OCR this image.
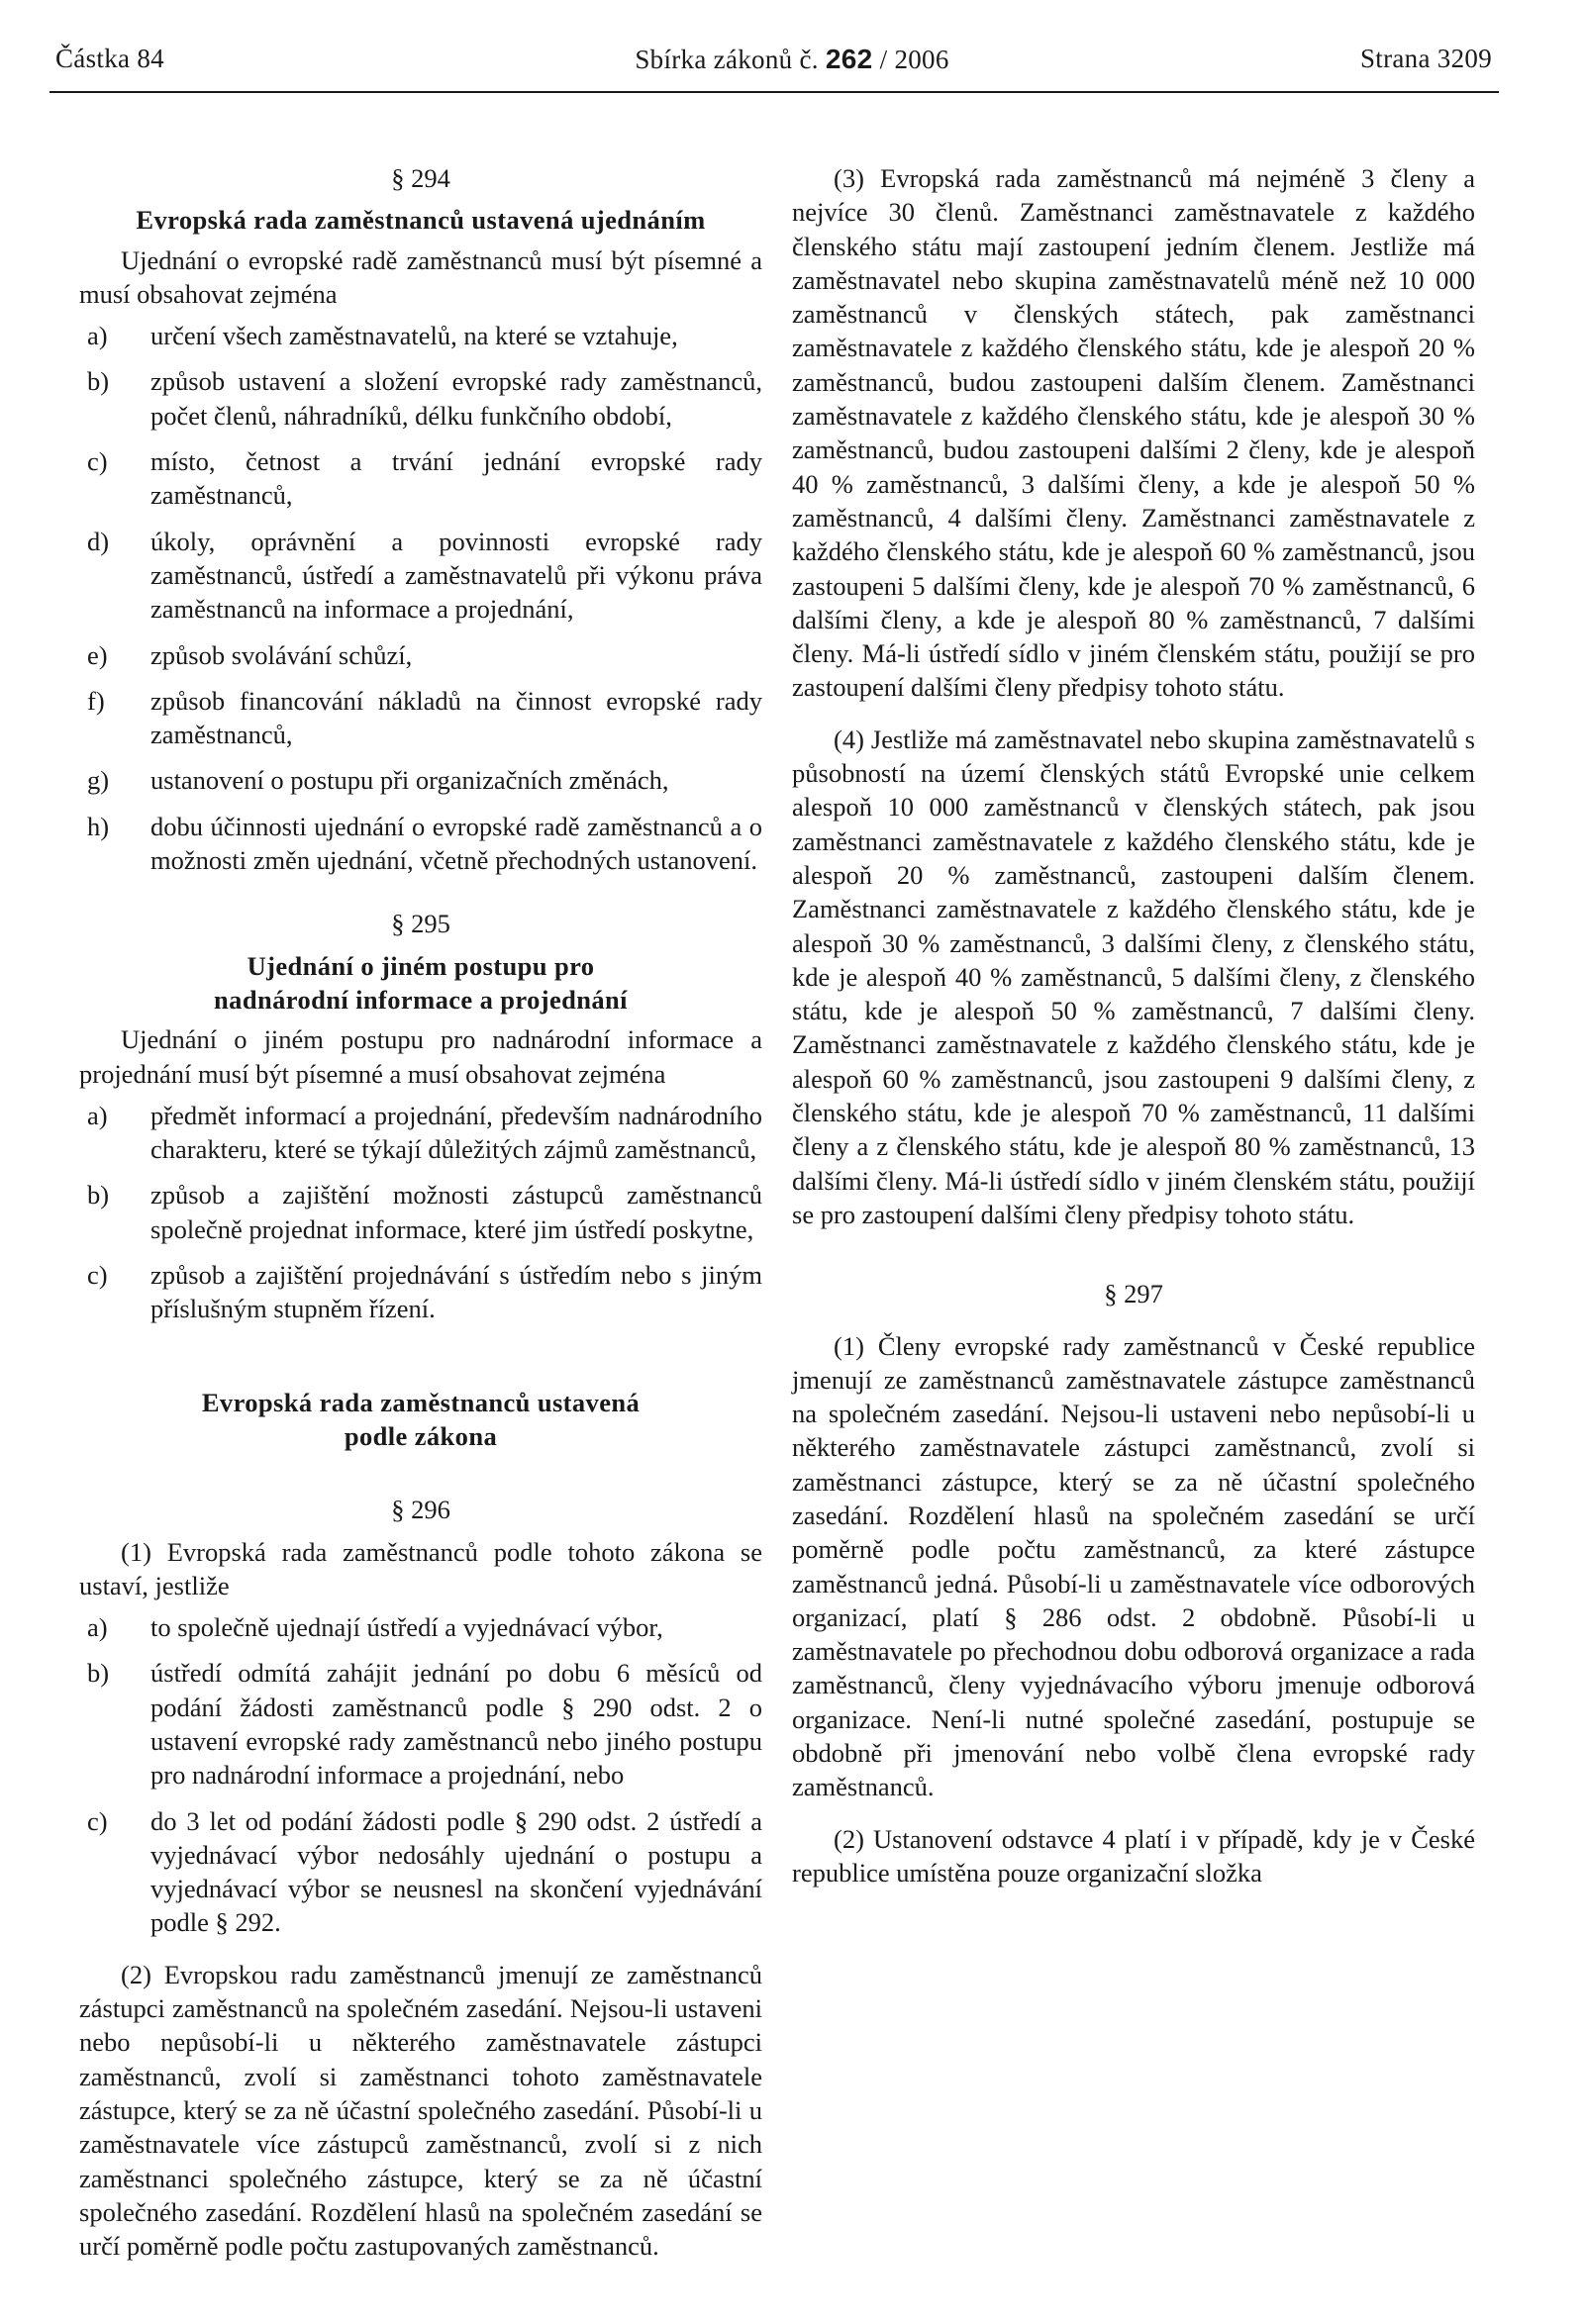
Částka 84	Sbírka zákonů č. 262 / 2006	Strana 3209
§ 294
Evropská rada zaměstnanců ustavená ujednáním

Ujednání o evropské radě zaměstnanců musí být písemné a musí obsahovat zejména

a) určení všech zaměstnavatelů, na které se vztahuje,
b) způsob ustavení a složení evropské rady zaměstnanců, počet členů, náhradníků, délku funkčního období,
c) místo, četnost a trvání jednání evropské rady zaměstnanců,
d) úkoly, oprávnění a povinnosti evropské rady zaměstnanců, ústředí a zaměstnavatelů při výkonu práva zaměstnanců na informace a projednání,
e) způsob svolávání schůzí,
f) způsob financování nákladů na činnost evropské rady zaměstnanců,
g) ustanovení o postupu při organizačních změnách,
h) dobu účinnosti ujednání o evropské radě zaměstnanců a o možnosti změn ujednání, včetně přechodných ustanovení.
§ 295
Ujednání o jiném postupu pro nadnárodní informace a projednání

Ujednání o jiném postupu pro nadnárodní informace a projednání musí být písemné a musí obsahovat zejména

a) předmět informací a projednání, především nadnárodního charakteru, které se týkají důležitých zájmů zaměstnanců,
b) způsob a zajištění možnosti zástupců zaměstnanců společně projednat informace, které jim ústředí poskytne,
c) způsob a zajištění projednávání s ústředím nebo s jiným příslušným stupněm řízení.
Evropská rada zaměstnanců ustavená podle zákona
§ 296

(1) Evropská rada zaměstnanců podle tohoto zákona se ustaví, jestliže

a) to společně ujednají ústředí a vyjednávací výbor,
b) ústředí odmítá zahájit jednání po dobu 6 měsíců od podání žádosti zaměstnanců podle § 290 odst. 2 o ustavení evropské rady zaměstnanců nebo jiného postupu pro nadnárodní informace a projednání, nebo
c) do 3 let od podání žádosti podle § 290 odst. 2 ústředí a vyjednávací výbor nedosáhly ujednání o postupu a vyjednávací výbor se neusnesl na skončení vyjednávání podle § 292.

(2) Evropskou radu zaměstnanců jmenují ze zaměstnanců zástupci zaměstnanců na společném zasedání. Nejsou-li ustaveni nebo nepůsobí-li u některého zaměstnavatele zástupci zaměstnanců, zvolí si zaměstnanci tohoto zaměstnavatele zástupce, který se za ně účastní společného zasedání. Působí-li u zaměstnavatele více zástupců zaměstnanců, zvolí si z nich zaměstnanci společného zástupce, který se za ně účastní společného zasedání. Rozdělení hlasů na společném zasedání se určí poměrně podle počtu zastupovaných zaměstnanců.

(3) Evropská rada zaměstnanců má nejméně 3 členy a nejvíce 30 členů. Zaměstnanci zaměstnavatele z každého členského státu mají zastoupení jedním členem. Jestliže má zaměstnavatel nebo skupina zaměstnavatelů méně než 10 000 zaměstnanců v členských státech, pak zaměstnanci zaměstnavatele z každého členského státu, kde je alespoň 20 % zaměstnanců, budou zastoupeni dalším členem. Zaměstnanci zaměstnavatele z každého členského státu, kde je alespoň 30 % zaměstnanců, budou zastoupeni dalšími 2 členy, kde je alespoň 40 % zaměstnanců, 3 dalšími členy, a kde je alespoň 50 % zaměstnanců, 4 dalšími členy. Zaměstnanci zaměstnavatele z každého členského státu, kde je alespoň 60 % zaměstnanců, jsou zastoupeni 5 dalšími členy, kde je alespoň 70 % zaměstnanců, 6 dalšími členy, a kde je alespoň 80 % zaměstnanců, 7 dalšími členy. Má-li ústředí sídlo v jiném členském státu, použijí se pro zastoupení dalšími členy předpisy tohoto státu.

(4) Jestliže má zaměstnavatel nebo skupina zaměstnavatelů s působností na území členských států Evropské unie celkem alespoň 10 000 zaměstnanců v členských státech, pak jsou zaměstnanci zaměstnavatele z každého členského státu, kde je alespoň 20 % zaměstnanců, zastoupeni dalším členem. Zaměstnanci zaměstnavatele z každého členského státu, kde je alespoň 30 % zaměstnanců, 3 dalšími členy, z členského státu, kde je alespoň 40 % zaměstnanců, 5 dalšími členy, z členského státu, kde je alespoň 50 % zaměstnanců, 7 dalšími členy. Zaměstnanci zaměstnavatele z každého členského státu, kde je alespoň 60 % zaměstnanců, jsou zastoupeni 9 dalšími členy, z členského státu, kde je alespoň 70 % zaměstnanců, 11 dalšími členy a z členského státu, kde je alespoň 80 % zaměstnanců, 13 dalšími členy. Má-li ústředí sídlo v jiném členském státu, použijí se pro zastoupení dalšími členy předpisy tohoto státu.

§ 297

(1) Členy evropské rady zaměstnanců v České republice jmenují ze zaměstnanců zaměstnavatele zástupce zaměstnanců na společném zasedání. Nejsou-li ustaveni nebo nepůsobí-li u některého zaměstnavatele zástupci zaměstnanců, zvolí si zaměstnanci zástupce, který se za ně účastní společného zasedání. Rozdělení hlasů na společném zasedání se určí poměrně podle počtu zaměstnanců, za které zástupce zaměstnanců jedná. Působí-li u zaměstnavatele více odborových organizací, platí § 286 odst. 2 obdobně. Působí-li u zaměstnavatele po přechodnou dobu odborová organizace a rada zaměstnanců, členy vyjednávacího výboru jmenuje odborová organizace. Není-li nutné společné zasedání, postupuje se obdobně při jmenování nebo volbě člena evropské rady zaměstnanců.

(2) Ustanovení odstavce 4 platí i v případě, kdy je v České republice umístěna pouze organizační složka
